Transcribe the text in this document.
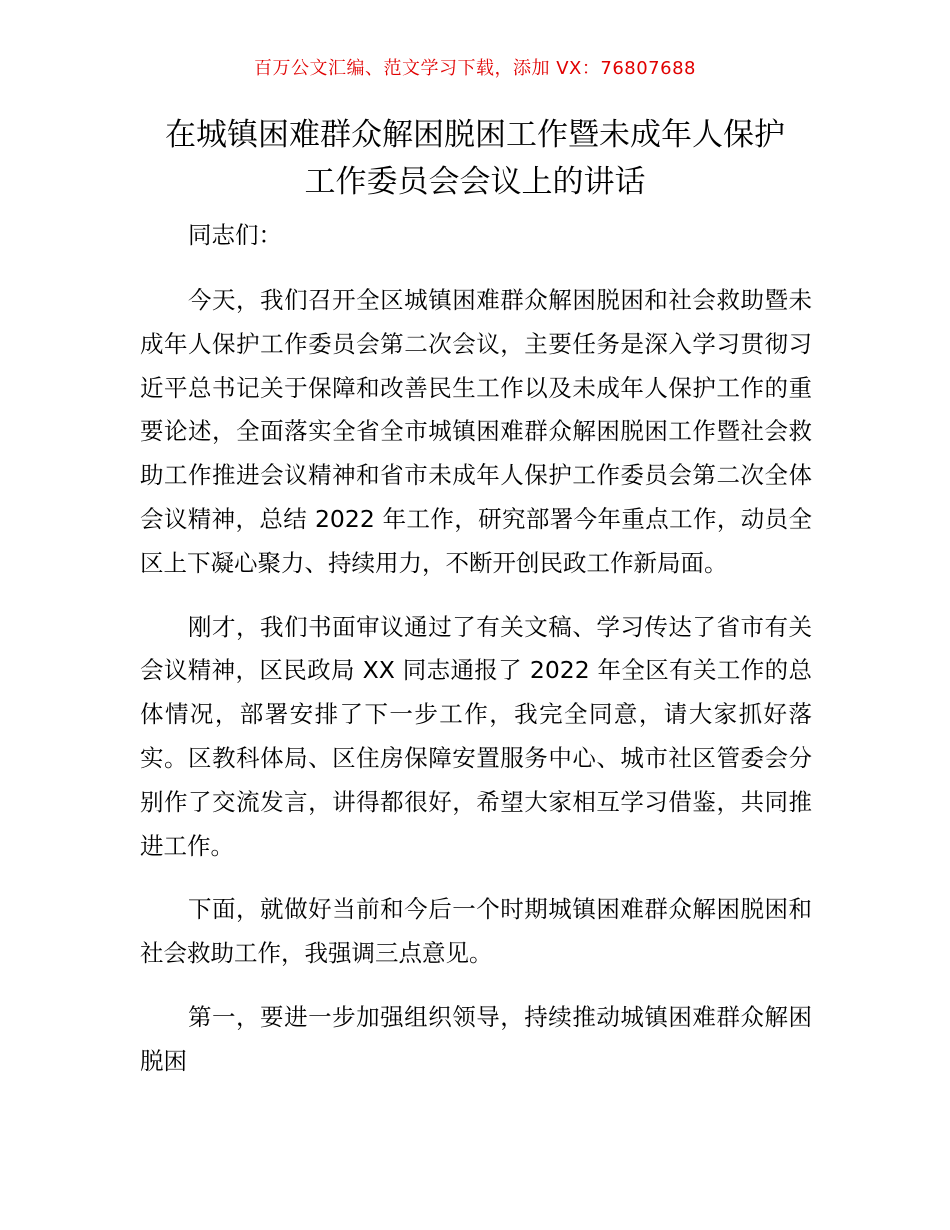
百万公文汇编、范文学习下载，添加 VX：76807688
在城镇困难群众解困脱困工作暨未成年人保护
工作委员会会议上的讲话

同志们：

今天，我们召开全区城镇困难群众解困脱困和社会救助暨未成年人保护工作委员会第二次会议，主要任务是深入学习贯彻习近平总书记关于保障和改善民生工作以及未成年人保护工作的重要论述，全面落实全省全市城镇困难群众解困脱困工作暨社会救助工作推进会议精神和省市未成年人保护工作委员会第二次全体会议精神，总结 2022 年工作，研究部署今年重点工作，动员全区上下凝心聚力、持续用力，不断开创民政工作新局面。

刚才，我们书面审议通过了有关文稿、学习传达了省市有关会议精神，区民政局 XX 同志通报了 2022 年全区有关工作的总体情况，部署安排了下一步工作，我完全同意，请大家抓好落实。区教科体局、区住房保障安置服务中心、城市社区管委会分别作了交流发言，讲得都很好，希望大家相互学习借鉴，共同推进工作。

下面，就做好当前和今后一个时期城镇困难群众解困脱困和社会救助工作，我强调三点意见。

第一，要进一步加强组织领导，持续推动城镇困难群众解困脱困
